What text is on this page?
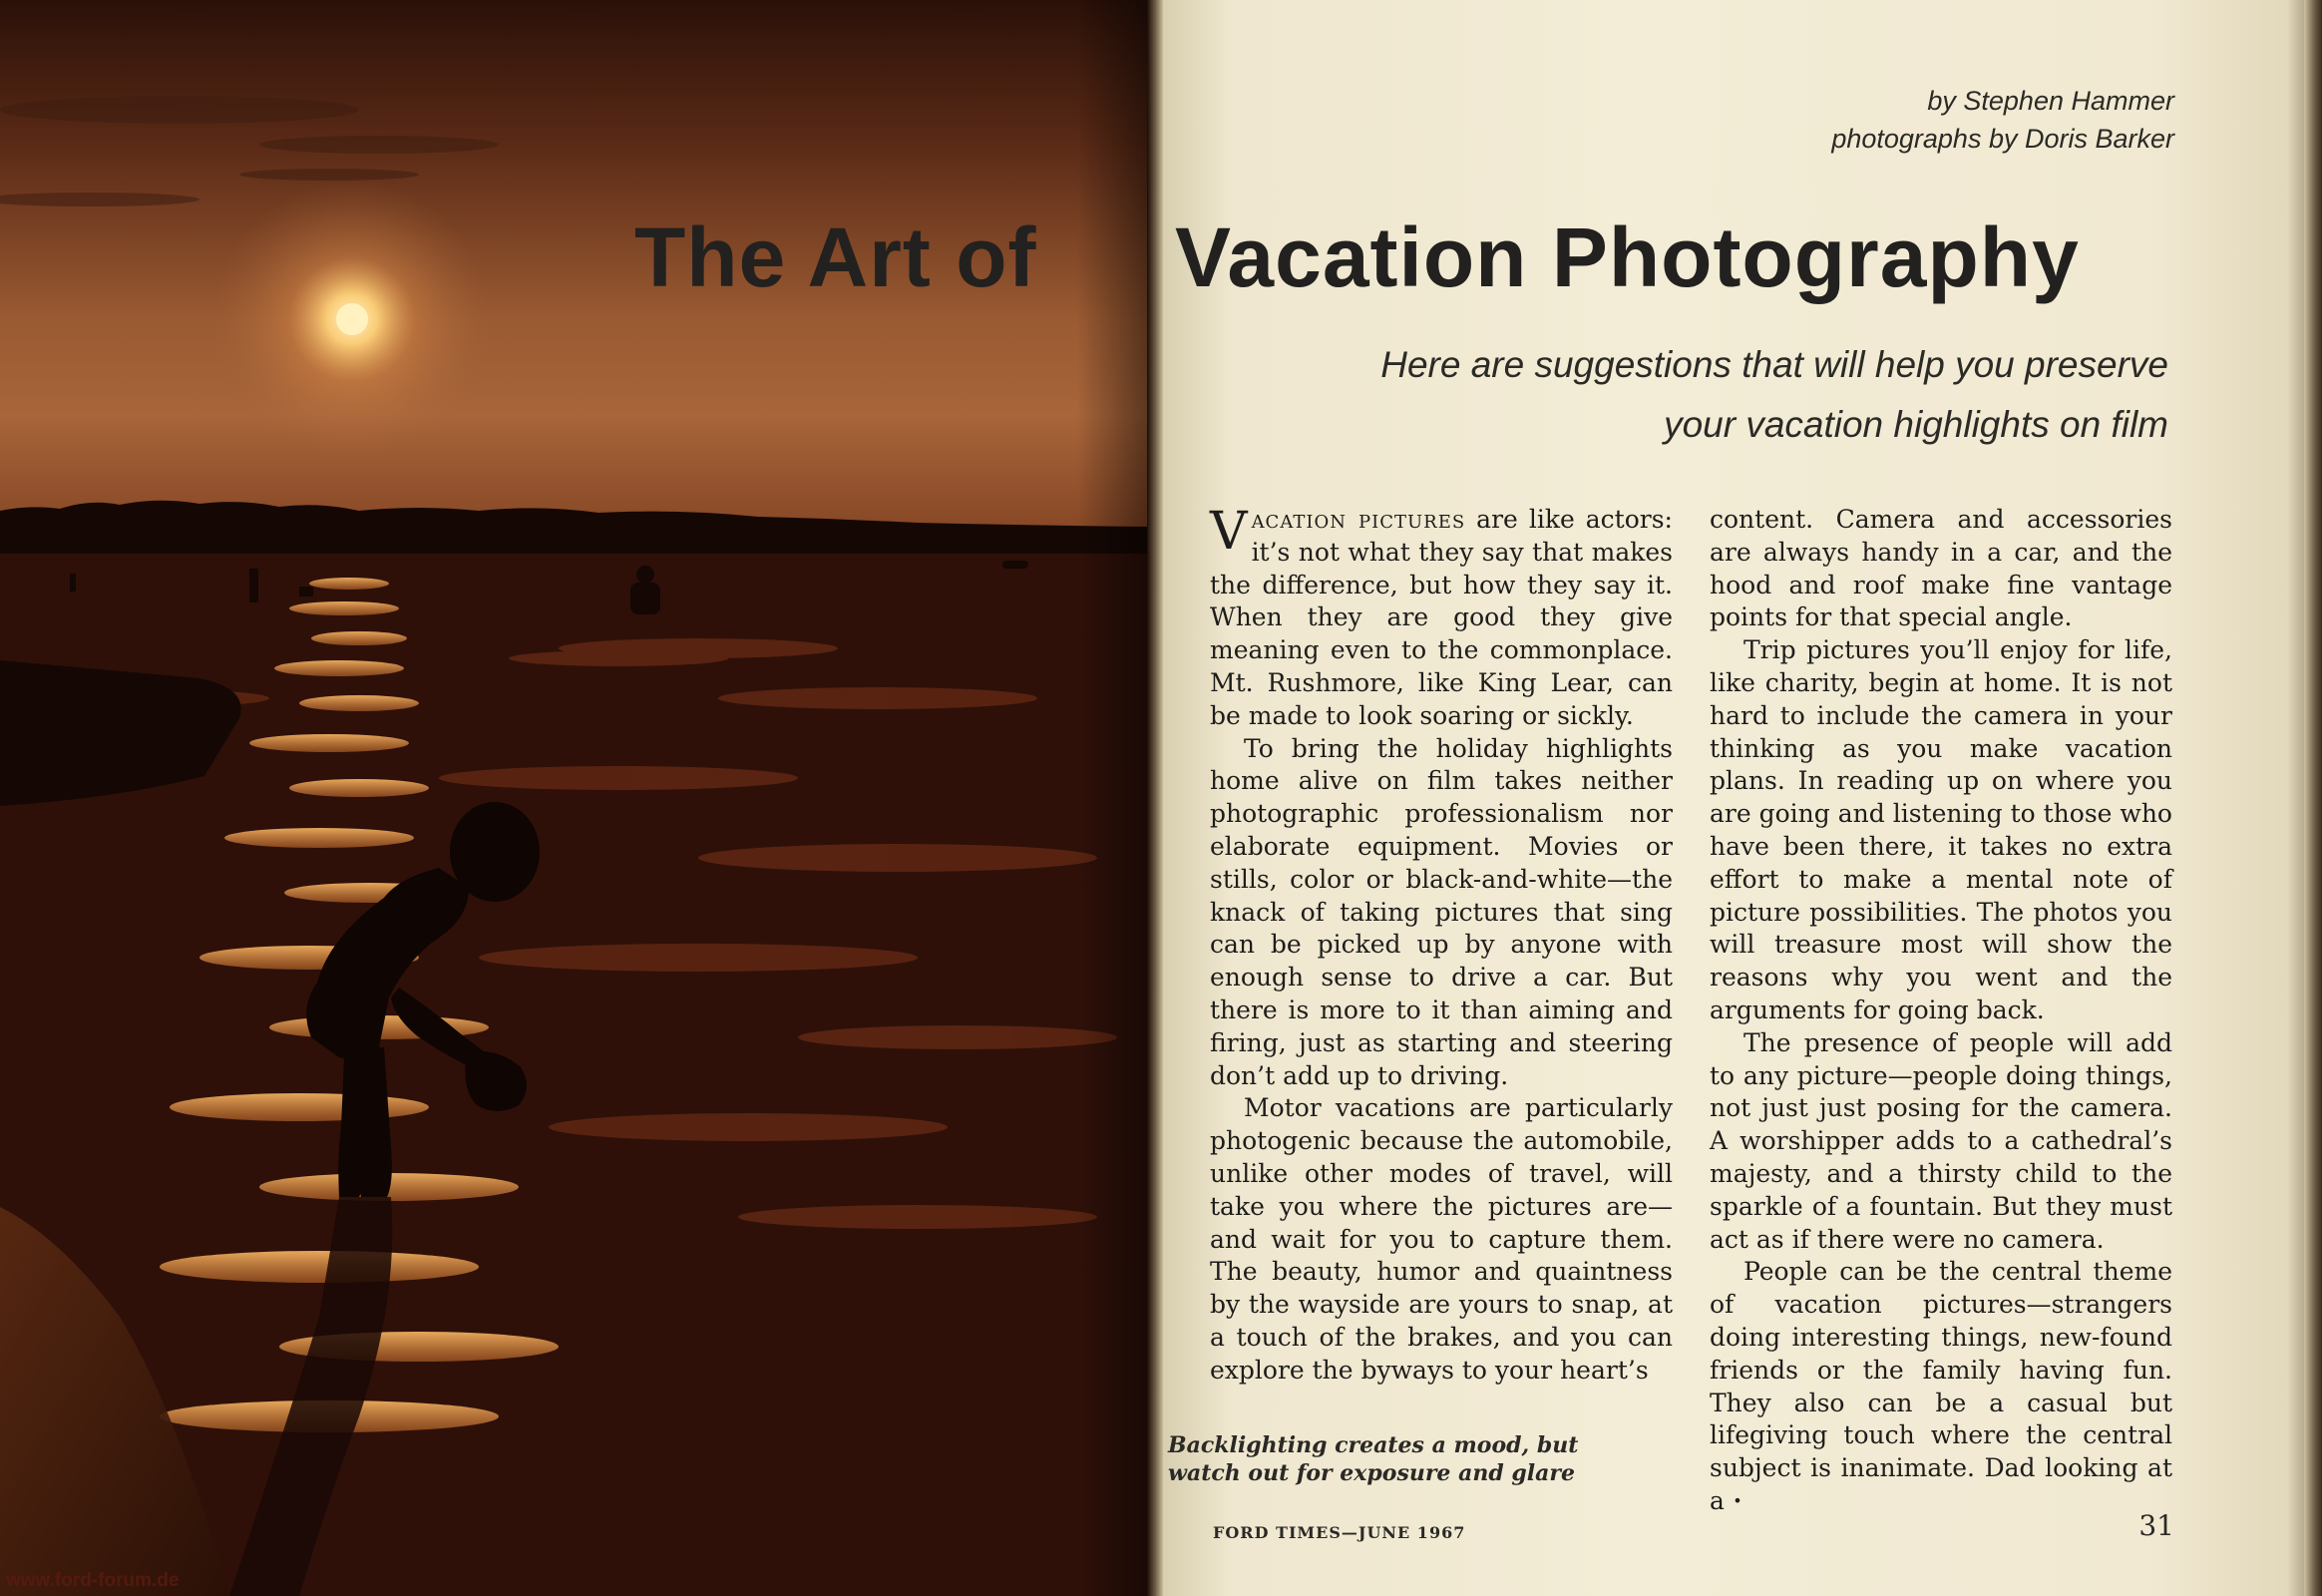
www.ford-forum.de
by Stephen Hammer
photographs by Doris Barker
The Art of Vacation Photography
Here are suggestions that will help you preserve
your vacation highlights on film

Vacation pictures are like actors: it’s not what they say that makes the difference, but how they say it. When they are good they give meaning even to the commonplace. Mt. Rushmore, like King Lear, can be made to look soaring or sickly.

To bring the holiday highlights home alive on film takes neither photographic professionalism nor elaborate equipment. Movies or stills, color or black-and-white—the knack of taking pictures that sing can be picked up by anyone with enough sense to drive a car. But there is more to it than aiming and firing, just as starting and steering don’t add up to driving.

Motor vacations are particularly photogenic because the automobile, unlike other modes of travel, will take you where the pictures are—and wait for you to capture them. The beauty, humor and quaintness by the wayside are yours to snap, at a touch of the brakes, and you can explore the byways to your heart’s

content. Camera and accessories are always handy in a car, and the hood and roof make fine vantage points for that special angle.

Trip pictures you’ll enjoy for life, like charity, begin at home. It is not hard to include the camera in your thinking as you make vacation plans. In reading up on where you are going and listening to those who have been there, it takes no extra effort to make a mental note of picture possibilities. The photos you will treasure most will show the reasons why you went and the arguments for going back.

The presence of people will add to any picture—people doing things, not just just posing for the camera. A worshipper adds to a cathedral’s majesty, and a thirsty child to the sparkle of a fountain. But they must act as if there were no camera.

People can be the central theme of vacation pictures—strangers doing interesting things, new-found friends or the family having fun. They also can be a casual but lifegiving touch where the central subject is inanimate. Dad looking at a ·

Backlighting creates a mood, but
watch out for exposure and glare
FORD TIMES—JUNE 1967	31
